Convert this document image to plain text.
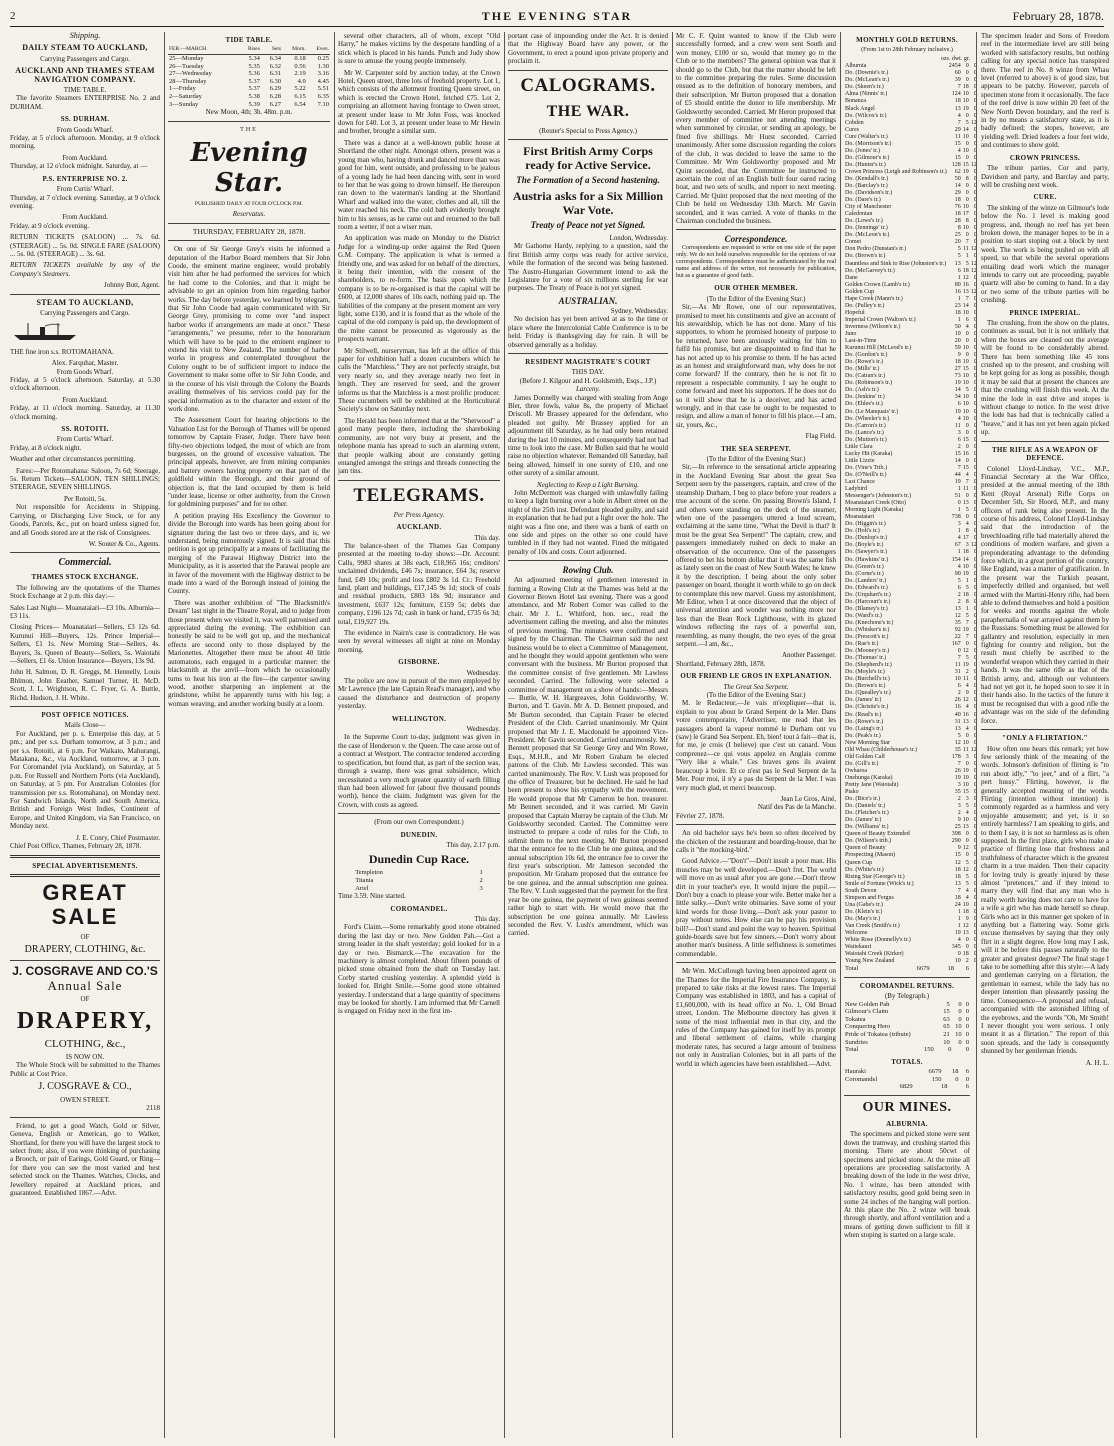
2	THE EVENING STAR	February 28, 1878.
Shipping.
DAILY STEAM TO AUCKLAND,
Carrying Passengers and Cargo.
AUCKLAND AND THAMES STEAM NAVIGATION COMPANY.
TIME TABLE.

The favorite Steamers ENTERPRISE No. 2 and DURHAM.

SS. DURHAM.
From Goods Wharf.

Friday, at 5 o'clock afternoon. Monday, at 9 o'clock morning.

From Auckland.

Thursday, at 12 o'clock midnight. Saturday, at —

P.S. ENTERPRISE NO. 2.
From Curtis' Wharf.

Thursday, at 7 o'clock evening. Saturday, at 9 o'clock evening.

From Auckland.

Friday, at 9 o'clock evening.

RETURN TICKETS (SALOON) ... 7s. 6d. (STEERAGE) ... 5s. 0d. SINGLE FARE (SALOON) ... 5s. 0d. (STEERAGE) ... 3s. 6d.

RETURN TICKETS available by any of the Company's Steamers.

Johnny Butt, Agent.
STEAM TO AUCKLAND,
Carrying Passengers and Cargo.

THE fine iron s.s. ROTOMAHANA.

Alex. Farquhar, Master.
From Goods Wharf.

Friday, at 5 o'clock afternoon. Saturday, at 5.30 o'clock afternoon.

From Auckland.

Friday, at 11 o'clock morning. Saturday, at 11.30 o'clock morning.

SS. ROTOITI.
From Curtis' Wharf.

Friday, at 8 o'clock night.

Weather and other circumstances permitting.

Fares:—Per Rotomahana: Saloon, 7s 6d; Steerage, 5s. Return Tickets—SALOON, TEN SHILLINGS; STEERAGE, SEVEN SHILLINGS.

Per Rotoiti, 5s.

Not responsible for Accidents in Shipping, Carrying, or Discharging Live Stock, or for any Goods, Parcels, &c., put on board unless signed for, and all Goods stored are at the risk of Consignees.

W. Souter & Co., Agents.
Commercial.
THAMES STOCK EXCHANGE.

The following are the quotations of the Thames Stock Exchange at 2 p.m. this day:—

Sales Last Night— Moanataiari—£3 10s. Alburnia—£3 11s.

Closing Prices— Moanataiari—Sellers, £3 12s 6d. Kurunui Hill—Buyers, 12s. Prince Imperial—Sellers, £1 1s. New Morning Star—Sellers, 4s. Buyers, 3s. Queen of Beauty—Sellers, 5s. Waiotahi—Sellers, £1 6s. Union Insurance—Buyers, 13s 9d.

John H. Salmon, D. R. Greggs, M. Hennelly, Louis Bhlmon, John Eeather, Samuel Turner, H. McD. Scott, J. L. Wrightson, R. C. Fryer, G. A. Buttle, Richd. Hudson, J. H. White.

POST OFFICE NOTICES.
Mails Close—

For Auckland, per p. s. Enterprise this day, at 5 pm.; and per s.s. Durham tomorrow, at 3 p.m.; and per s.s. Rotoiti, at 6 p.m. For Waikato, Mahurangi, Matakana, &c., via Auckland, tomorrow, at 3 p.m. For Coromandel (via Auckland), on Saturday, at 5 p.m. For Russell and Northern Ports (via Auckland), on Saturday, at 5 pm. For Australian Colonies (for transmission per s.s. Rotomahana), on Monday next. For Sandwich Islands, North and South America, British and Foreign West Indies, Continent of Europe, and United Kingdom, via San Francisco, on Monday next.

J. E. Conry, Chief Postmaster.

Chief Post Office, Thames, February 28, 1878.

SPECIAL ADVERTISEMENTS.
GREAT SALE
OF
DRAPERY, CLOTHING, &c.
J. COSGRAVE AND CO.'S
Annual Sale
OF
DRAPERY,
CLOTHING, &c.,
IS NOW ON.

The Whole Stock will be submitted to the Thames Public at Cost Price.

J. COSGRAVE & CO.,
OWEN STREET.
2118

Friend, to get a good Watch, Gold or Silver, Geneva, English or American, go to Walker, Shortland, for there you will have the largest stock to select from; also, if you were thinking of purchasing a Brooch, or pair of Earings, Gold Guard, or Ring—for there you can see the most varied and best selected stock on the Thames. Watches, Clocks, and Jewellery repaired at Auckland prices, and guaranteed. Established 1867.—Advt.

TIDE TABLE.
FEB.—MARCH.	Rises	Sets	Morn.	Even.
25—Monday	5.34	6.34	0.18	0.25
26—Tuesday	5.35	6.32	0.56	1.30
27—Wednesday	5.36	6.31	2.19	3.16
28—Thursday	5.37	6.30	4.0	4.45
1—Friday	5.37	6.29	5.22	5.51
2—Saturday	5.38	6.28	6.15	6.35
3—Sunday	5.39	6.27	6.54	7.10
New Moon, 4th; 3h. 48m. p.m.
THE
Evening Star.
PUBLISHED DAILY AT FOUR O'CLOCK P.M.
Reservatus.
THURSDAY, FEBRUARY 28, 1878.

On one of Sir George Grey's visits he informed a deputation of the Harbor Board members that Sir John Coode, the eminent marine engineer, would probably visit him after he had performed the services for which he had come to the Colonies, and that it might be advisable to get an opinion from him regarding harbor works. The day before yesterday, we learned by telegram, that Sir John Coode had again communicated with Sir George Grey, promising to come over "and inspect harbor works if arrangements are made at once." These "arrangements," we presume, refer to the honorarium which will have to be paid to the eminent engineer to extend his visit to New Zealand. The number of harbor works in progress and contemplated throughout the Colony ought to be of sufficient import to induce the Government to make some offer to Sir John Coode, and in the course of his visit through the Colony the Boards availing themselves of his services could pay for the special information as to the character and extent of the work done.

The Assessment Court for hearing objections to the Valuation List for the Borough of Thames will be opened tomorrow by Captain Fraser, Judge. There have been fifty-two objections lodged, the most of which are from burgesses, on the ground of excessive valuation. The principal appeals, however, are from mining companies and battery owners having property on that part of the goldfield within the Borough, and their ground of objection is, that the land occupied by them is held "under lease, license or other authority, from the Crown for goldmining purposes" and for no other.

A petition praying His Excellency the Governor to divide the Borough into wards has been going about for signature during the last two or three days, and is, we understand, being numerously signed. It is said that this petition is got up principally at a means of facilitating the merging of the Parawai Highway District into the Municipality, as it is asserted that the Parawai people are in favor of the movement with the Highway district to be made into a ward of the Borough instead of joining the County.

There was another exhibition of "The Blacksmith's Dream" last night in the Theatre Royal, and to judge from those present when we visited it, was well patronised and appreciated during the evening. The exhibition can honestly be said to be well got up, and the mechanical effects are second only to those displayed by the Marionettes. Altogether there must be about 40 little automatons, each engaged in a particular manner: the blacksmith at the anvil—from which he occasionally turns to heat his iron at the fire—the carpenter sawing wood, another sharpening an implement at the grindstone, whilst he apparently turns with his leg; a woman weaving, and another working busily at a loom.

several other characters, all of whom, except "Old Harry," he makes victims by the desperate handling of a stick which is placed in his hands. Punch and Judy show is sure to amuse the young people immensely.

Mr W. Carpenter sold by auction today, at the Crown Hotel, Queen street, three lots of freehold property. Lot 1, which consists of the allotment fronting Queen street, on which is erected the Crown Hotel, fetched £75. Lot 2, comprising an allotment having frontage to Owen street, at present under lease to Mr John Foss, was knocked down for £40. Lot 3, at present under lease to Mr Hewin and brother, brought a similar sum.

There was a dance at a well-known public house at Shortland the other night. Amongst others, present was a young man who, having drunk and danced more than was good for him, went outside, and professing to be jealous of a young lady he had been dancing with, sent in word to her that he was going to drown himself. He thereupon ran down to the waterman's landing at the Shortland Wharf and walked into the water, clothes and all, till the water reached his neck. The cold bath evidently brought him to his senses, as he came out and returned to the ball room a wetter, if not a wiser man.

An application was made on Monday to the District Judge for a winding-up order against the Red Queen G.M. Company. The application is what is termed a friendly one, and was asked for on behalf of the directors, it being their intention, with the consent of the shareholders, to re-form. The basis upon which the company is to be re-organised is that the capital will be £600, at 12,000 shares of 10s each, nothing paid up. The liabilities of the company at the present moment are very light, some £130, and it is found that as the whole of the capital of the old company is paid up, the development of the mine cannot be prosecuted as vigorously as the prospects warrant.

Mr Stilwell, nurseryman, has left at the office of this paper for exhibition half a dozen cucumbers which he calls the "Matchless." They are not perfectly straight, but very nearly so, and they average nearly two feet in length. They are reserved for seed, and the grower informs us that the Matchless is a most prolific producer. These cucumbers will be exhibited at the Horticultural Society's show on Saturday next.

The Herald has been informed that at the "Sherwood" a good many people there, including the shareboking community, are not very busy at present, and the telephone mania has spread to such an alarming extent, that people walking about are constantly getting entangled amongst the strings and threads connecting the jam tins.

TELEGRAMS.
Per Press Agency.
AUCKLAND.
This day.

The balance-sheet of the Thames Gas Company presented at the meeting to-day shows:—Dr. Account: Calls, 9983 shares at 38s each, £18,965 16s; creditors' unclaimed dividends, £46 7s; insurance, £64 3s; reserve fund, £49 10s; profit and loss £802 3s 1d. Cr.: Freehold land, plant and buildings, £17,145 9s 1d; stock of coals and residual products, £803 18s 9d; insurance and investment, £637 12s; furniture, £159 5s; debts due company, £196 12s 7d; cash in bank or hand, £735 6s 3d; total, £19,927 19s.

The evidence in Nairn's case is contradictory. He was seen by several witnesses all night at nine on Monday morning.

GISBORNE.
Wednesday.

The police are now in pursuit of the men employed by Mr Lawrence (the late Captain Read's manager), and who caused the disturbance and destruction of property yesterday.

WELLINGTON.
Wednesday.

In the Supreme Court to-day, judgment was given in the case of Henderson v. the Queen. The case arose out of a contract at Westport. The contractor tendered according to specification, but found that, as part of the section was, through a swamp, there was great subsidence, which necessitated a very much greater quantity of earth filling than had been allowed for (about five thousand pounds worth), hence the claim. Judgment was given for the Crown, with costs as agreed.

(From our own Correspondent.)
DUNEDIN.
This day, 2.17 p.m.
Dunedin Cup Race.
Templeton	1
Titania	2
Ariel	3

Time 3.59. Nine started.

COROMANDEL.
This day.

Ford's Claim.—Some remarkably good stone obtained during the last day or two. New Golden Pah.—Got a strong leader in the shaft yesterday; gold looked for in a day or two. Bismarck.—The excavation for the machinery is almost completed. About fifteen pounds of picked stone obtained from the shaft on Tuesday last. Corby started crushing yesterday. A splendid yield is looked for. Bright Smile.—Some good stone obtained yesterday. I understand that a large quantity of specimens may be looked for shortly. I am informed that Mr Carnell is engaged on Friday next in the first im-

portant case of impounding under the Act. It is denied that the Highway Board have any power, or the Government, to erect a pound upon private property and proclaim it.

CALOGRAMS.
THE WAR.
(Reuter's Special to Press Agency.)
First British Army Corps ready for Active Service.
The Formation of a Second hastening.
Austria asks for a Six Million War Vote.
Treaty of Peace not yet Signed.
London, Wednesday.

Mr Gathorne Hardy, replying to a question, said the first British army corps was ready for active service, while the formation of the second was being hastened. The Austro-Hungarian Government intend to ask the Legislature for a vote of six millions sterling for war purposes. The Treaty of Peace is not yet signed.

AUSTRALIAN.
Sydney, Wednesday.

No decision has yet been arrived at as to the time or place where the Intercolonial Cable Conference is to be held. Friday is thanksgiving day for rain. It will be observed generally as a holiday.

RESIDENT MAGISTRATE'S COURT
THIS DAY.
(Before J. Kilgour and H. Goldsmith, Esqs., J.P.)
Larceny.

James Donnelly was charged with stealing from Ange Blet, three fowls, value 8s, the property of Michael Driscoll. Mr Brassey appeared for the defendant, who pleaded not guilty. Mr Brassey applied for an adjournment till Saturday, as he had only been retained during the last 10 minutes, and consequently had not had time to look into the case. Mr Bullen said that he would raise no objection whatever. Remanded till Saturday, bail being allowed, himself in one surety of £10, and one other surety of a similar amount.

Neglecting to Keep a Light Burning.

John McDermott was charged with unlawfully failing to keep a light burning over a hole in Albert street on the night of the 25th inst. Defendant pleaded guilty, and said in explanation that he had put a light over the hole. The night was a fine one, and there was a bank of earth on one side and pipes on the other so one could have tumbled in if they had not wanted. Fined the mitigated penalty of 10s and costs. Court adjourned.

Rowing Club.

An adjourned meeting of gentlemen interested in forming a Rowing Club at the Thames was held at the Governor Brown Hotel last evening. There was a good attendance, and Mr Robert Comer was called to the chair. Mr J. L. Whitford, hon. sec., read the advertisement calling the meeting, and also the minutes of previous meeting. The minutes were confirmed and signed by the Chairman. The Chairman said the next business would be to elect a Committee of Management, and he thought they would appoint gentlemen who were conversant with the business. Mr Burton proposed that the committee consist of five gentlemen. Mr Lawless seconded. Carried. The following were selected a committee of management on a show of hands:—Messrs — Buttle, W. H. Hargreaves, John Goldsworthy, W. Burton, and T. Gavin. Mr A. D. Bennett proposed, and Mr Burton seconded, that Captain Fraser be elected President of the Club. Carried unanimously. Mr Quint proposed that Mr J. E. Macdonald be appointed Vice-President. Mr Gavin seconded. Carried unanimously. Mr Bennett proposed that Sir George Grey and Wm Rowe, Esqs., M.H.R., and Mr Robert Graham be elected patrons of the Club. Mr Lawless seconded. This was carried unanimously. The Rev. V. Lush was proposed for the office of Treasurer, but he declined. He said he had been present to show his sympathy with the movement. He would propose that Mr Cameron be hon. treasurer. Mr Bennett seconded, and it was carried. Mr Gavin proposed that Captain Murray be captain of the Club. Mr Goldsworthy seconded. Carried. The Committee were instructed to prepare a code of rules for the Club, to submit them to the next meeting. Mr Burton proposed that the entrance fee to the Club be one guinea, and the annual subscription 10s 6d, the entrance fee to cover the first year's subscription. Mr Jameson seconded the proposition. Mr Graham proposed that the entrance fee be one guinea, and the annual subscription one guinea. The Rev. V. Lush suggested that the payment for the first year be one guinea, the payment of two guineas seemed rather high to start with. He would move that the subscription be one guinea annually. Mr Lawless seconded the Rev. V. Lush's amendment, which was carried.

Mr C. F. Quint wanted to know if the Club were successfully formed, and a crew were sent South and won money, £100 or so, would that money go to the Club or to the members? The general opinion was that it should go to the Club, but that the matter should be left to the committee preparing the rules. Some discussion ensued as to the definition of honorary members, and their subscription. Mr Burton proposed that a donation of £5 should entitle the donor to life membership. Mr Goldsworthy seconded. Carried. Mr Heron proposed that every member of committee not attending meetings when summoned by circular, or sending an apology, be fined five shillings. Mr Hurst seconded. Carried unanimously. After some discussion regarding the colors of the club, it was decided to leave the same to the Committee. Mr Wm Goldsworthy proposed and Mr Quint seconded, that the Committee be instructed to ascertain the cost of an English built four oared racing boat, and two sets of sculls, and report to next meeting. Carried. Mr Quint proposed that the next meeting of the Club be held on Wednesday 13th March. Mr Gavin seconded, and it was carried. A vote of thanks to the Chairman concluded the business.

Correspondence.

Correspondents are requested to write on one side of the paper only. We do not hold ourselves responsible for the opinions of our correspondents. Correspondence must be authenticated by the real name and address of the writer, not necessarily for publication, but as a guarantee of good faith.

OUR OTHER MEMBER.
(To the Editor of the Evening Star.)

Sir,—As Mr Rowe, one of our representatives, promised to meet his constituents and give an account of his stewardship, which he has not done. Many of his supporters, to whom he promised honesty of purpose to be returned, have been anxiously waiting for him to fulfil his promise, but are disappointed to find that he has not acted up to his promise to them. If he has acted as an honest and straightforward man, why does he not come forward? If the contrary, then he is not fit to represent a respectable community. I say he ought to come forward and meet his supporters. If he does not do so it will show that he is a deceiver, and has acted wrongly, and in that case he ought to be requested to resign, and allow a man of honor to fill his place.—I am, sir, yours, &c.,

Flag Field.
THE SEA SERPENT.
(To the Editor of the Evening Star.)

Sir,—In reference to the sensational article appearing in the Auckland Evening Star about the great Sea Serpent seen by the passengers, captain, and crew of the steamship Durham, I beg to place before your readers a true account of the scene. On passing Brown's Island, I and others were standing on the deck of the steamer, when one of the passengers uttered a loud scream, exclaiming at the same time, "What the Devil is that? It must be the great Sea Serpent!" The captain, crew, and passengers immediately rushed on deck to make an observation of the occurrence. One of the passengers offered to bet his bottom dollar that it was the same fish as lately seen on the coast of New South Wales; he knew it by the description. I being about the only sober passenger on board, thought it worth while to go on deck to contemplate this new marvel. Guess my astonishment, Mr Editor, when I at once discovered that the object of universal attention and wonder was nothing more nor less than the Bean Rock Lighthouse, with its glazed windows reflecting the rays of a powerful sun, resembling, as many thought, the two eyes of the great serpent.—I am, &c.,

Another Passenger.

Shortland, February 28th, 1878.

OUR FRIEND LE GROS IN EXPLANATION.
The Great Sea Serpent.
(To the Editor of the Evening Star.)

M. le Redacteur,—Je vais m'expliquer—that is, explain to you about le Grand Serpent de la Mer. Dans votre contemporaire, l'Advertiser, me read that les passagers abord la vapeur nommé le Durham ont vu (saw) le Grand Sea Serpent. Eh, bien! tout à fait—that is, for me, je crois (I believe) que c'est un canard. Vous comprenez—ce qui vous appelez en Anglais comme "Very like a whale." Ces braves gens ils avaient beaucoup à boire. Et ce n'est pas le Seul Serpent de la Mer. Pour moi, il n'y a pas du Serpent de la Mer. I was very much glad, et merci beaucoup.

Jean Le Gros, Ainé,
Natif des Pas de la Manche.

Février 27, 1878.

An old bachelor says he's been so often deceived by the chicken of the restaurant and boarding-house, that he calls it "the mocking-bird."

Good Advice.—"Don't"—Don't insult a poor man. His muscles may be well developed.—Don't fret. The world will move on as usual after you are gone.—Don't throw dirt in your teacher's eye. It would injure the pupil.—Don't buy a coach to please your wife. Better make her a little sulky.—Don't write obituaries. Save some of your kind words for those living.—Don't ask your pastor to pray without notes. How else can he pay his provision bill?—Don't stand and point the way to heaven. Spiritual guide-boards save but few sinners.—Don't worry about another man's business. A little selfishness is sometimes commendable.

Mr Wm. McCullough having been appointed agent on the Thames for the Imperial Fire Insurance Company, is prepared to take risks at the lowest rates. The Imperial Company was established in 1803, and has a capital of £1,600,000, with its head office at No. 1, Old Broad street, London. The Melbourne directory has given it some of the most influential men in that city, and the rules of the Company has gained for itself by its prompt and liberal settlement of claims, while charging moderate rates, has secured a large amount of business not only in Australian Colonies, but in all parts of the world in which agencies have been established.—Advt.

MONTHLY GOLD RETURNS.
(From 1st to 28th February inclusive.)
ozs. dwt. gr.
Alburnia	2454	0	0
Do. (Downie's tr.)	60	0	0
Do. (McLean's tr.)	39	0	0
Do. (Skeen's tr.)	7	18	0
Alma (Ninnis' tr.)	124	10	0
Bonanza	18	10	0
Black Angel	13	19	0
Do. (Wilcox's tr.)	4	0	0
Cobden	7	5	12
Cures	29	14	0
Cure (Walter's tr.)	11	10	0
Do. (Morrison's tr.)	15	0	0
Do. (Jones' tr.)	4	10	0
Do. (Gilmour's tr.)	15	0	0
Do. (Hunter's tr.)	128	15	12
Crown Princess (Leigh and Robinson's tr.)	62	19	0
Do. (Kendall's tr.)	50	8	0
Do. (Barclay's tr.)	14	0	0
Do. (Davidson's tr.)	29	0	0
Do. (Dare's tr.)	18	0	0
City of Manchester	76	10	0
Caledonian	18	17	0
Do. (Lowe's tr.)	28	8	0
Do. (Jennings' tr.)	8	10	0
Do. (McLeon's tr.)	25	0	0
Comet	20	7	0
Don Pedro (Dunstan's tr.)	5	11	12
Do. (Brown's tr.)	5	1	0
Dauntless and Sink to Rise (Johnston's tr.)	13	5	12
Do. (McGarvey's tr.)	6	18	12
Dane	1	12	0
Golden Crown (Lamb's tr.)	80	16	0
Golden Cup	16	13	12
Hape Creek (Mann's tr.)	1	7	0
Do. (Pulley's tr.)	23	14	0
Hopeful	18	10	0
Imperial Crown (Walton's tr.)	1	6	0
Inverness (Wilson's tr.)	50	4	0
Juno	19	0	0
Last-in-Time	20	0	0
Kurunui Hill (McLeod's tr.)	59	10	0
Do. (Gordon's tr.)	9	0	0
Do. (Rowe's tr.)	18	10	0
Do. (Mills' tr.)	27	15	0
Do. (Catran's tr.)	73	10	0
Do. (Robinson's tr.)	19	10	0
Do. (Ash's tr.)	14	5	0
Do. (Jenkins' tr.)	34	10	0
Do. (Ehlee's tr.)	6	10	0
Do. (Le Manquais' tr.)	19	10	0
Do. (Wheeler's tr.)	4	10	0
Do. (Carron's tr.)	11	0	0
Do. (Lance's tr.)	3	0	0
Do. (Mutton's tr.)	6	15	0
Little Clara	2	0	0
Lucky Hit (Karaka)	15	16	0
Little Lizzie	14	0	0
Do. (Vine's Trib.)	7	15	0
Do. (O'Neill's tr.)	44	4	0
Last Chance	19	7	0
Ladybird	1	11	0
Messenger's (Johnston's tr.)	51	0	0
Moanataiari Creek (Otto)	0	13	0
Morning Light (Karaka)	1	5	0
Moanataiari	738	0	0
Do. (Higgin's tr.)	3	4	0
Do. (Holt's tr.)	1	8	0
Do. (Dunlop's tr.)	4	17	0
Do. (Boyle's tr.)	67	3	12
Do. (Sawyer's tr.)	1	18	0
Do. (Hawkins' tr.)	154	14	0
Do. (Green's tr.)	4	10	0
Do. (Corne's tr.)	90	19	0
Do. (Landers' tr.)	5	1	0
Do. (Edward's tr.)	6	5	0
Do. (Urquhart's tr.)	2	18	0
Do. (Harcourt's tr.)	2	8	0
Do. (Blamey's tr.)	13	1	0
Do. (Ward's tr.)	12	5	0
Do. (Knechone's tr.)	35	7	0
Do. (Whisker's tr.)	92	19	0
Do. (Prescott's tr.)	22	7	0
Do. (Rae's tr.)	167	0	0
Do. (Mooney's tr.)	0	12	0
Do. (Thomas' tr.)	7	5	0
Do. (Shepherd's tr.)	11	19	0
Do. (Moyle's tr.)	31	2	0
Do. (Burchell's tr.)	10	11	0
Do. (Brown's tr.)	6	4	0
Do. (Quealley's tr.)	2	9	0
Do. (James' tr.)	26	12	0
Do. (Christie's tr.)	16	4	0
Do. (Read's tr.)	40	16	0
Do. (Rowe's tr.)	31	13	0
Do. (Laing's tr.)	13	4	0
Do. (Peak's tr.)	5	0	0
New Morning Star	12	10	0
Old Whau (Childerhouse's tr.)	35	11	12
Old Golden Calf	178	3	0
Do. (Gill's tr.)	7	0	0
Owharoa	26	19	0
Onehunga (Karaka)	19	10	0
Pretty Jane (Waiotahi)	3	10	0
Piako	35	15	0
Do. (Bice's tr.)	2	3	0
Do. (Daniels' tr.)	3	5	0
Do. (Fletcher's tr.)	2	4	0
Do. (James' tr.)	9	10	0
Do. (Williams' tr.)	25	13	0
Queen of Beauty Extended	398	0	0
Do. (Wilson's trib.)	290	0	0
Queen of Beauty	9	12	0
Prospecting (Mason)	15	0	0
Queen Cup	12	5	0
Do. (White's tr.)	18	12	0
Rising Star (George's tr.)	18	5	0
Smile of Fortune (Wick's tr.)	13	5	0
South Devon	7	4	0
Simpson and Fergus	18	4	0
Una (Gabe's tr.)	24	10	0
Do. (Klein's tr.)	1	18	0
Do. (May's tr.)	1	9	0
Van Creek (Smith's tr.)	1	12	0
Welcome	19	13	0
White Rose (Donnelly's tr.)	4	0	0
Waitekauri	345	0	0
Waiotahi Creek (Kirker)	0	18	0
Young New Zealand	10	2	0
Total	6679	18	6
COROMANDEL RETURNS.
(By Telegraph.)
New Golden Pah	5	0	0
Gilmour's Claim	15	0	0
Tokatea	63	0	0
Conquering Hero	65	10	0
Pride of Tokatea (tribute)	21	10	0
Sundries	10	0	0
Total	150	0	0
TOTALS.
Hauraki	6679	18	6
Coromandel	150	0	0
	6829	18	6
OUR MINES.
ALBURNIA.

The specimens and picked stone were sent down the tramway, and crushing started this morning. There are about 50cwt of specimens and picked stone. At the mine all operations are proceeding satisfactorily. A breaking down of the lode in the west drive, No. 1 winze, has been attended with satisfactory results, good gold being seen in some 24 inches of the hanging wall portion. At this place the No. 2 winze will break through shortly, and afford ventilation and a means of getting down sufficient to fill it when stoping is started on a large scale.

The specimen leader and Sons of Freedom reef in the intermediate level are still being worked with satisfactory results, but nothing calling for any special notice has transpired there. The reef in No. 8 winze from Whau level (referred to above) is of good size, but appears to be patchy. However, parcels of specimen stone from it occasionally. The face of the reef drive is now within 20 feet of the New North Devon boundary, and the reef is in by no means a satisfactory state, as it is badly defined; the stopes, however, are yielding well. Dried leaders a four feet wide, and continues to show gold.

CROWN PRINCESS.

The tribute parties, Cor and party, Davidson and party, and Barclay and party, will be crushing next week.

CURE.

The sinking of the winze on Gilmour's lode below the No. 1 level is making good progress, and, though no reef has yet been broken down, the manager hopes to be in a position to start stoping out a block by next week. The work is being pushed on with all speed, so that while the several operations entailing dead work which the manager intends to carry out are proceeding, payable quartz will also be coming to hand. In a day or two some of the tribute parties will be crushing.

PRINCE IMPERIAL.

The crushing, from the show on the plates, continues as usual, but it is not unlikely that when the boxes are cleaned out the average will be found to be considerably altered. There has been something like 45 tons crushed up to the present, and crushing will be kept going for as long as possible, though it may be said that at present the chances are that the crushing will finish this week. At the mine the lode in east drive and stopes is without change to notice. In the west drive the lode has had that is technically called a "heave," and it has not yet been again picked up.

THE RIFLE AS A WEAPON OF DEFENCE.

Colonel Lloyd-Lindsay, V.C., M.P., Financial Secretary at the War Office, presided at the annual meeting of the 18th Kent (Royal Arsenal) Rifle Corps on December 5th, Sir Hoord, M.P., and many officers of rank being also present. In the course of his address, Colonel Lloyd-Lindsay said that the introduction of the breechloading rifle had materially altered the conditions of modern warfare, and given a preponderating advantage to the defending force which, in a great portion of the country, like England, was a matter of gratification. In the present war the Turkish peasant, imperfectly drilled and organised, but well armed with the Martini-Henry rifle, had been able to defend themselves and hold a position for weeks and months against the whole paraphernalia of war arrayed against them by the Russians. Something must be allowed for gallantry and resolution, especially in men fighting for country and religion, but the result must chiefly be ascribed to the wonderful weapon which they carried in their hands. It was the same rifle as that of the British army, and, although our volunteers had not yet got it, he hoped soon to see it in their hands also. In the tactics of the future it must be recognised that with a good rifle the advantage was on the side of the defending force.

"ONLY A FLIRTATION."

How often one hears this remark; yet how few seriously think of the meaning of the words. Johnson's definition of flirting is "to run about idly," "to jeer," and of a flirt, "a pert hussy." Flirting, however, is the generally accepted meaning of the words. Flirting (intention without intention) is commonly regarded as a harmless and very enjoyable amusement; and yet, is it so entirely harmless? I am speaking to girls, and to them I say, it is not so harmless as is often supposed. In the first place, girls who make a practice of flirting lose that freshness and truthfulness of character which is the greatest charm in a true maiden. Then their capacity for loving truly is greatly injured by these almost "pretences," and if they intend to marry they will find that any man who is really worth having does not care to have for a wife a girl who has made herself so cheap. Girls who act in this manner get spoken of in anything but a flattering way. Some girls excuse themselves by saying that they only flirt in a slight degree. How long may I ask, will it be before this passes naturally to the greater and greatest degree? The final stage I take to be something after this style:—A lady and gentleman carrying on a flirtation, the gentleman in earnest, while the lady has no deeper intention than pleasantly passing the time. Consequence—A proposal and refusal, accompanied with the astonished lifting of the eyebrows, and the words "Oh, Mr Smith! I never thought you were serious. I only meant it as a flirtation." The report of this soon spreads, and the lady is consequently shunned by her gentleman friends.

A. H. L.
